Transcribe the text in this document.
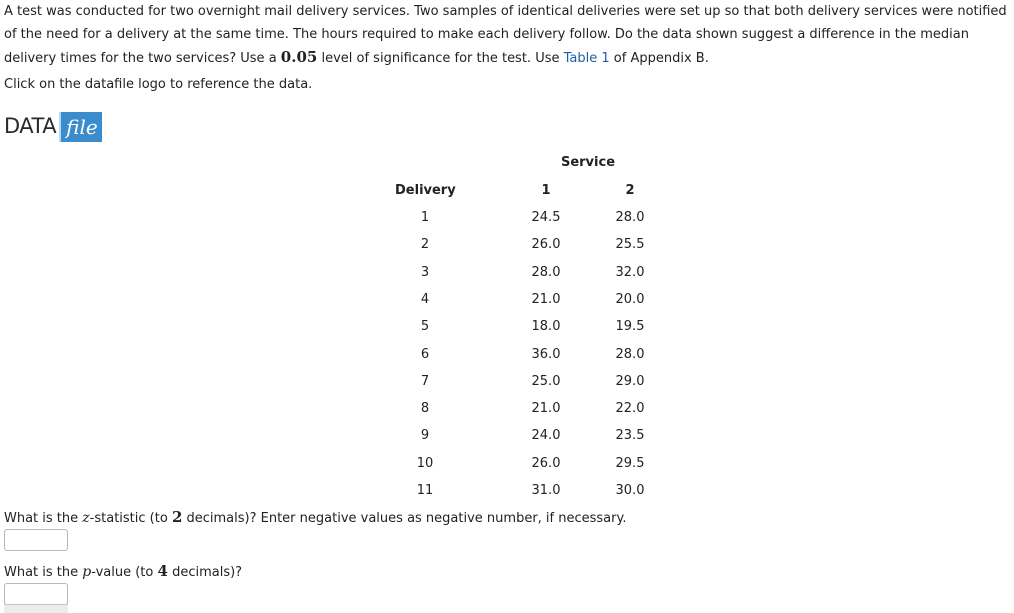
A test was conducted for two overnight mail delivery services. Two samples of identical deliveries were set up so that both delivery services were notified of the need for a delivery at the same time. The hours required to make each delivery follow. Do the data shown suggest a difference in the median delivery times for the two services? Use a 0.05 level of significance for the test. Use Table 1 of Appendix B.

Click on the datafile logo to reference the data.
DATA file
Service
Delivery	1	2
1	24.5	28.0
2	26.0	25.5
3	28.0	32.0
4	21.0	20.0
5	18.0	19.5
6	36.0	28.0
7	25.0	29.0
8	21.0	22.0
9	24.0	23.5
10	26.0	29.5
11	31.0	30.0
What is the z-statistic (to 2 decimals)? Enter negative values as negative number, if necessary.
What is the p-value (to 4 decimals)?
